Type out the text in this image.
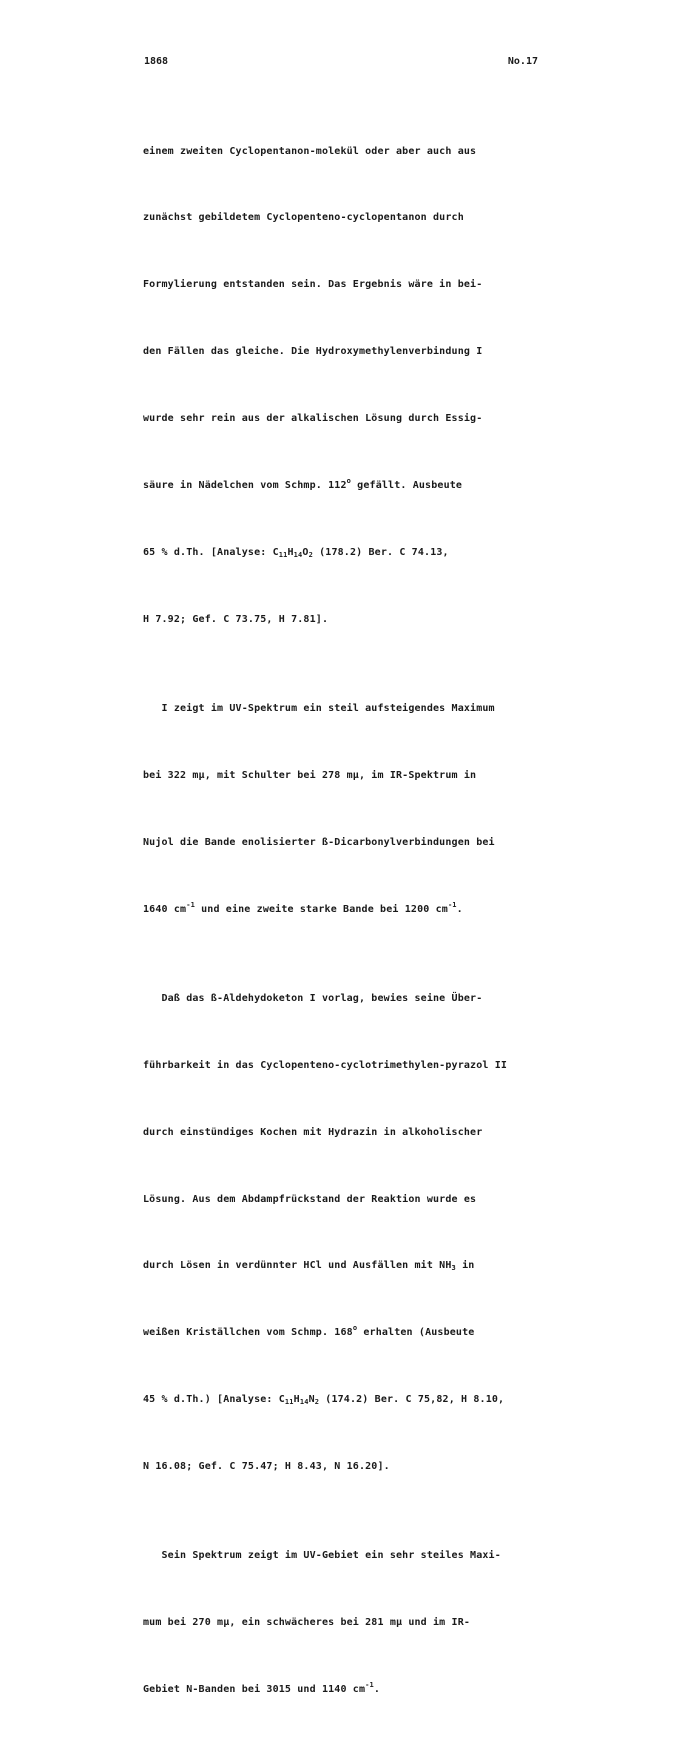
1868	No.17

einem zweiten Cyclopentanon-molekül oder aber auch aus

zunächst gebildetem Cyclopenteno-cyclopentanon durch

Formylierung entstanden sein. Das Ergebnis wäre in bei-

den Fällen das gleiche. Die Hydroxymethylenverbindung I

wurde sehr rein aus der alkalischen Lösung durch Essig-

säure in Nädelchen vom Schmp. 112$^o$ gefällt. Ausbeute

65 % d.Th. [Analyse: $C_{11}H_{14}O_2$ (178.2) Ber. C 74.13,

H 7.92; Gef. C 73.75, H 7.81].

I zeigt im UV-Spektrum ein steil aufsteigendes Maximum

bei 322 mµ, mit Schulter bei 278 mµ, im IR-Spektrum in

Nujol die Bande enolisierter ß-Dicarbonylverbindungen bei

1640 $cm^{-1}$ und eine zweite starke Bande bei 1200 $cm^{-1}$.

Daß das ß-Aldehydoketon I vorlag, bewies seine Über-

führbarkeit in das Cyclopenteno-cyclotrimethylen-pyrazol II

durch einstündiges Kochen mit Hydrazin in alkoholischer

Lösung. Aus dem Abdampfrückstand der Reaktion wurde es

durch Lösen in verdünnter HCl und Ausfällen mit $NH_3$ in

weißen Kriställchen vom Schmp. 168$^o$ erhalten (Ausbeute

45 % d.Th.) [Analyse: $C_{11}H_{14}N_2$ (174.2) Ber. C 75,82, H 8.10,

N 16.08; Gef. C 75.47; H 8.43, N 16.20].

Sein Spektrum zeigt im UV-Gebiet ein sehr steiles Maxi-

mum bei 270 mµ, ein schwächeres bei 281 mµ und im IR-

Gebiet N-Banden bei 3015 und 1140 $cm^{-1}$.
